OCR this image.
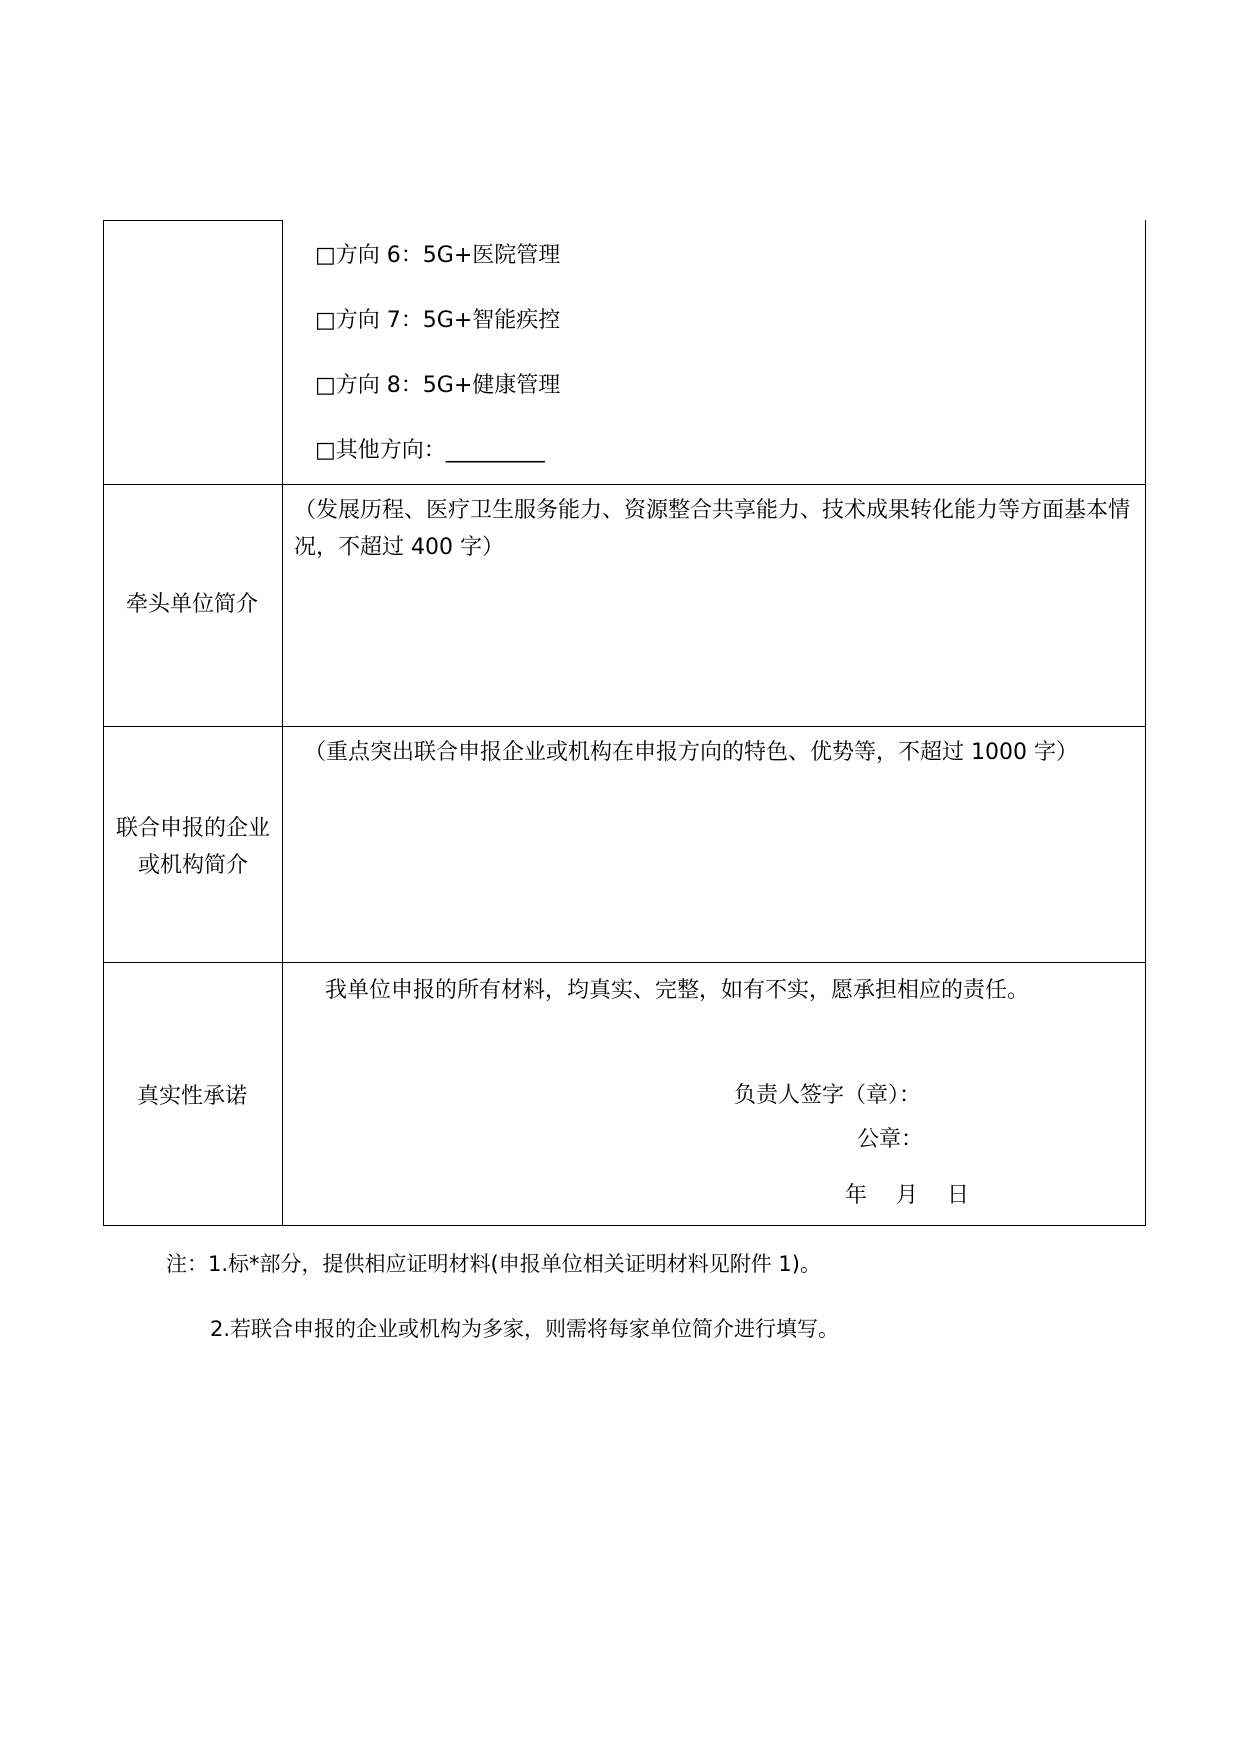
□方向 6：5G+医院管理
□方向 7：5G+智能疾控
□方向 8：5G+健康管理
□其他方向：_________
牵头单位简介
（发展历程、医疗卫生服务能力、资源整合共享能力、技术成果转化能力等方面基本情
况，不超过 400 字）
联合申报的企业
或机构简介
（重点突出联合申报企业或机构在申报方向的特色、优势等，不超过 1000 字）
真实性承诺
我单位申报的所有材料，均真实、完整，如有不实，愿承担相应的责任。
负责人签字（章）：
公章：
年　 月　 日
注：1.标*部分，提供相应证明材料(申报单位相关证明材料见附件 1)。
2.若联合申报的企业或机构为多家，则需将每家单位简介进行填写。
